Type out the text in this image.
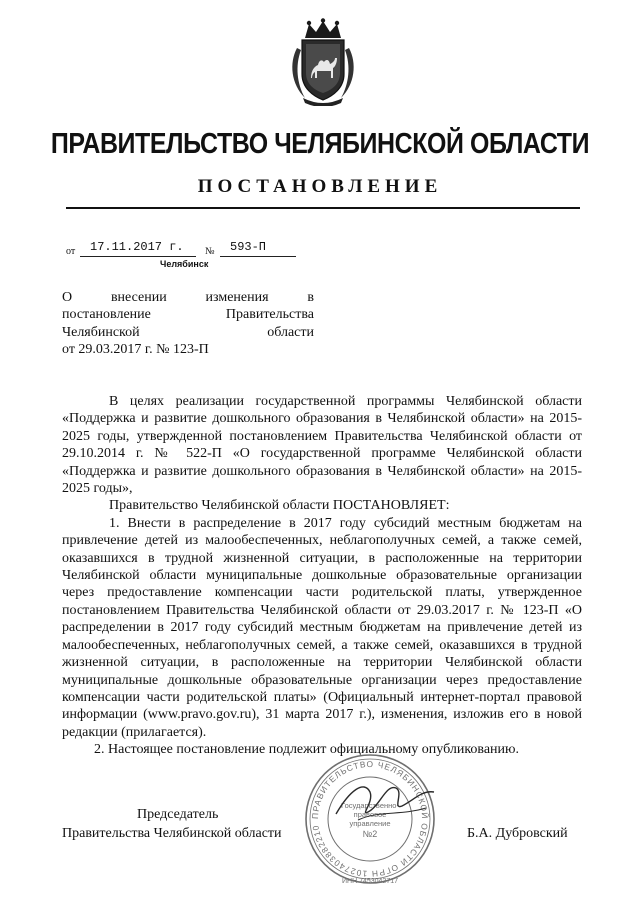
ПРАВИТЕЛЬСТВО ЧЕЛЯБИНСКОЙ ОБЛАСТИ
ПОСТАНОВЛЕНИЕ
от 17.11.2017 г. № 593-П
Челябинск

О внесении изменения в

постановление Правительства

Челябинской области

от 29.03.2017 г. № 123-П

В целях реализации государственной программы Челябинской области «Поддержка и развитие дошкольного образования в Челябинской области» на 2015-2025 годы, утвержденной постановлением Правительства Челябинской области от 29.10.2014 г. № 522-П «О государственной программе Челябинской области «Поддержка и развитие дошкольного образования в Челябинской области» на 2015-2025 годы»,

Правительство Челябинской области ПОСТАНОВЛЯЕТ:

1. Внести в распределение в 2017 году субсидий местным бюджетам на привлечение детей из малообеспеченных, неблагополучных семей, а также семей, оказавшихся в трудной жизненной ситуации, в расположенные на территории Челябинской области муниципальные дошкольные образовательные организации через предоставление компенсации части родительской платы, утвержденное постановлением Правительства Челябинской области от 29.03.2017 г. № 123-П «О распределении в 2017 году субсидий местным бюджетам на привлечение детей из малообеспеченных, неблагополучных семей, а также семей, оказавшихся в трудной жизненной ситуации, в расположенные на территории Челябинской области муниципальные дошкольные образовательные организации через предоставление компенсации части родительской платы» (Официальный интернет-портал правовой информации (www.pravo.gov.ru), 31 марта 2017 г.), изменения, изложив его в новой редакции (прилагается).

2. Настоящее постановление подлежит официальному опубликованию.

Председатель
Правительства Челябинской области	Б.А. Дубровский
ПРАВИТЕЛЬСТВО ЧЕЛЯБИНСКОЙ ОБЛАСТИ ОГРН 1027403882210
Государственно-
правовое
управление
№2
ИНН 7453042717
